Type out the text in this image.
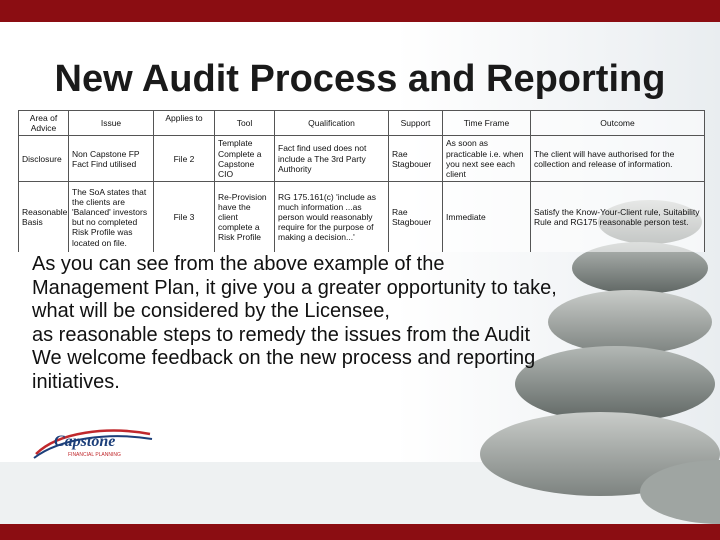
New Audit Process and Reporting
Area of Advice	Issue	Applies to	Tool	Qualification	Support	Time Frame	Outcome
Disclosure	Non Capstone FP Fact Find utilised	File 2	Template Complete a Capstone CIO	Fact find used does not include a The 3rd Party Authority	Rae Stagbouer	As soon as practicable i.e. when you next see each client	The client will have authorised for the collection and release of information.
Reasonable Basis	The SoA states that the clients are 'Balanced' investors but no completed Risk Profile was located on file.	File 3	Re-Provision have the client complete a Risk Profile	RG 175.161(c) 'include as much information ...as person would reasonably require for the purpose of making a decision...'	Rae Stagbouer	Immediate	Satisfy the Know-Your-Client rule, Suitability Rule and RG175 reasonable person test.
Capstone
FINANCIAL PLANNING
As you can see from the above example of the
Management Plan, it give you a greater opportunity to take,
what will be considered by the Licensee,
as reasonable steps to remedy the issues from the Audit
We welcome feedback on the new process and reporting
initiatives.
